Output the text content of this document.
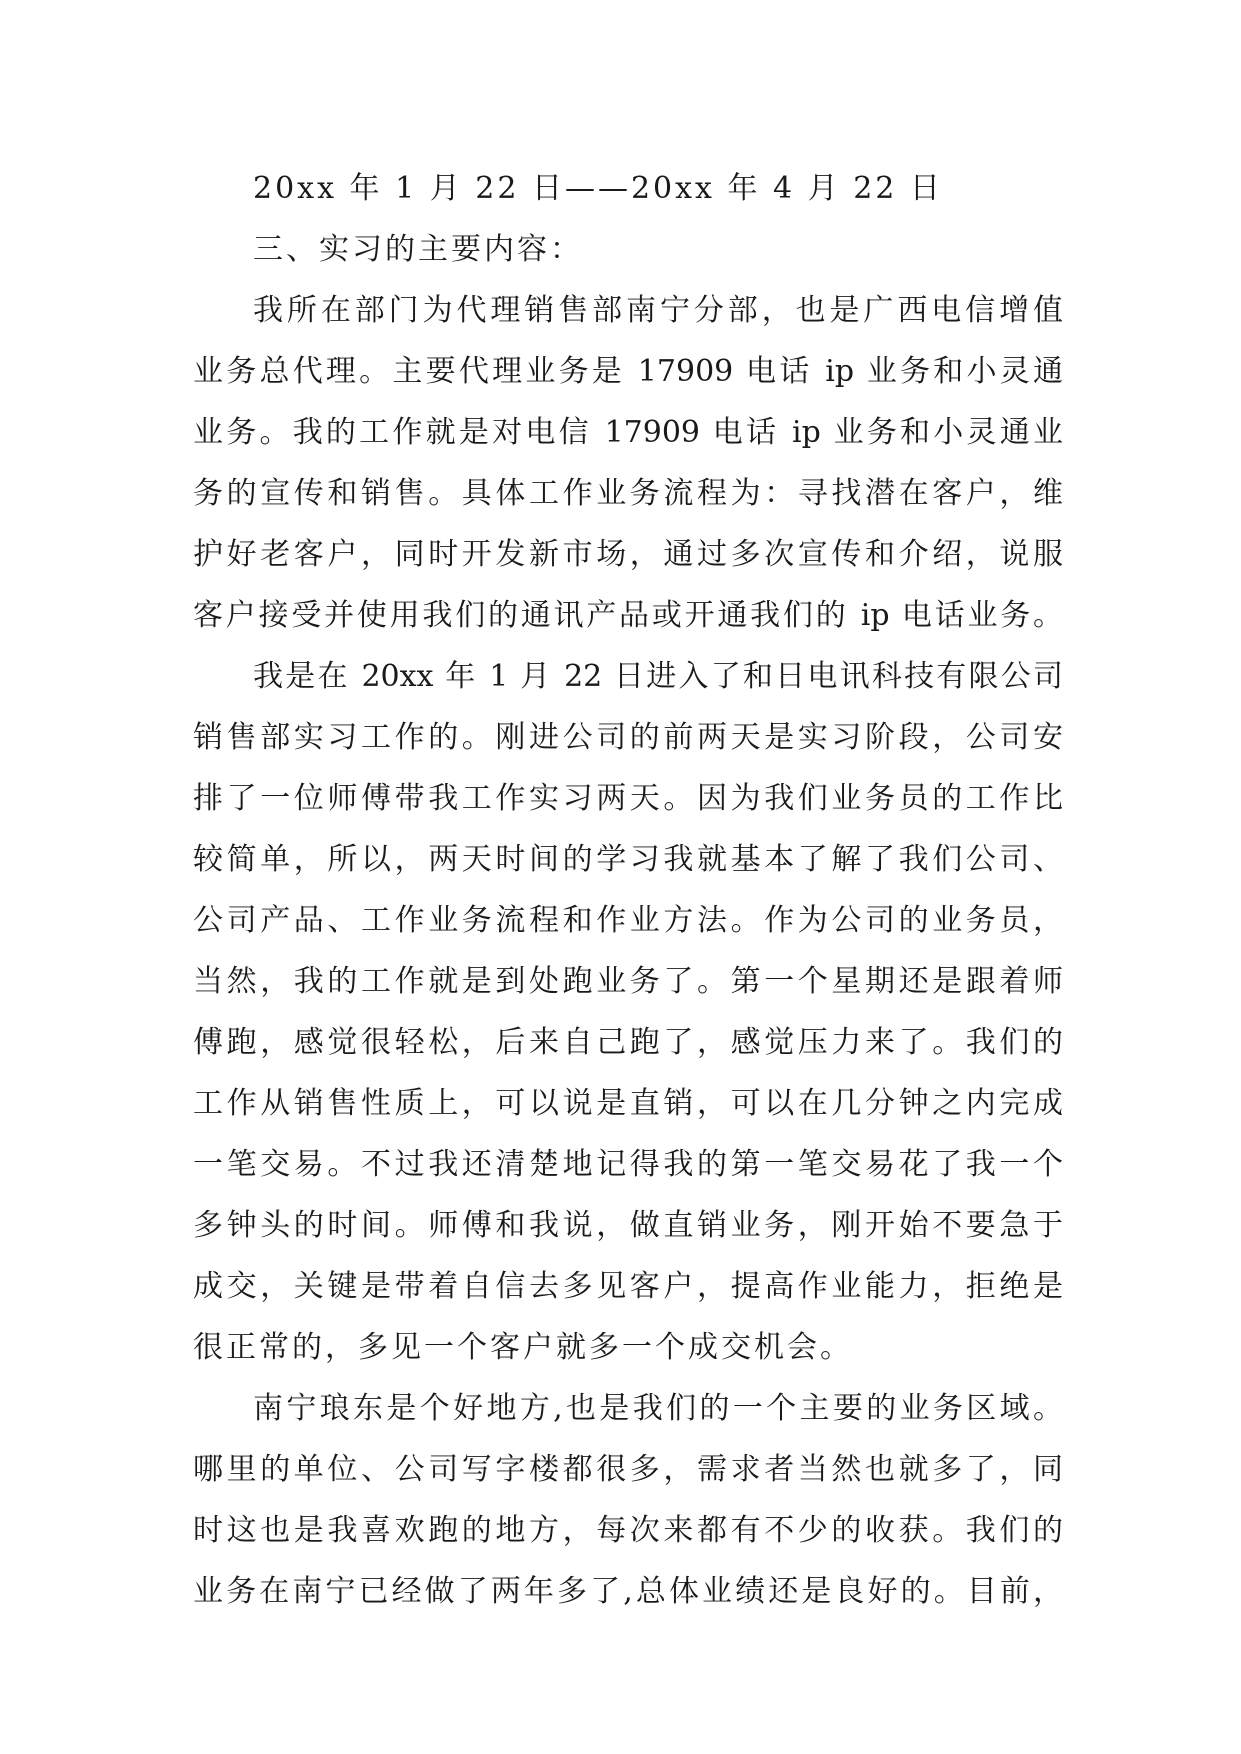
20xx 年 1 月 22 日——20xx 年 4 月 22 日
三、实习的主要内容：
我所在部门为代理销售部南宁分部，也是广西电信增值
业务总代理。主要代理业务是 17909 电话 ip 业务和小灵通
业务。我的工作就是对电信 17909 电话 ip 业务和小灵通业
务的宣传和销售。具体工作业务流程为：寻找潜在客户，维
护好老客户，同时开发新市场，通过多次宣传和介绍，说服
客户接受并使用我们的通讯产品或开通我们的 ip 电话业务。
我是在 20xx 年 1 月 22 日进入了和日电讯科技有限公司
销售部实习工作的。刚进公司的前两天是实习阶段，公司安
排了一位师傅带我工作实习两天。因为我们业务员的工作比
较简单，所以，两天时间的学习我就基本了解了我们公司、
公司产品、工作业务流程和作业方法。作为公司的业务员，
当然，我的工作就是到处跑业务了。第一个星期还是跟着师
傅跑，感觉很轻松，后来自己跑了，感觉压力来了。我们的
工作从销售性质上，可以说是直销，可以在几分钟之内完成
一笔交易。不过我还清楚地记得我的第一笔交易花了我一个
多钟头的时间。师傅和我说，做直销业务，刚开始不要急于
成交，关键是带着自信去多见客户，提高作业能力，拒绝是
很正常的，多见一个客户就多一个成交机会。
南宁琅东是个好地方,也是我们的一个主要的业务区域。
哪里的单位、公司写字楼都很多，需求者当然也就多了，同
时这也是我喜欢跑的地方，每次来都有不少的收获。我们的
业务在南宁已经做了两年多了,总体业绩还是良好的。目前，
